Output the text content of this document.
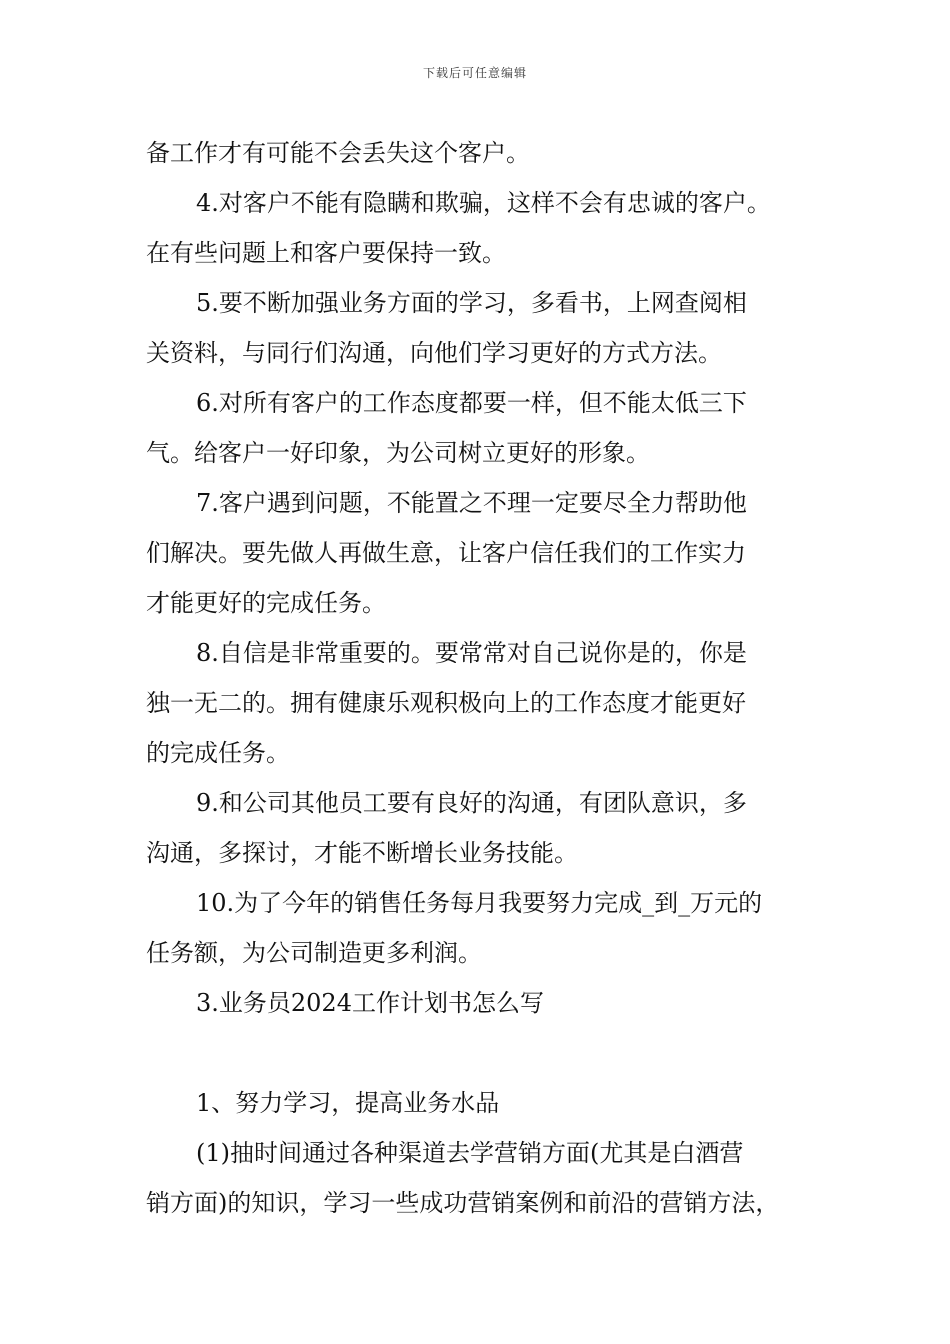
下载后可任意编辑

备工作才有可能不会丢失这个客户。

4.对客户不能有隐瞒和欺骗，这样不会有忠诚的客户。

在有些问题上和客户要保持一致。

5.要不断加强业务方面的学习，多看书，上网查阅相

关资料，与同行们沟通，向他们学习更好的方式方法。

6.对所有客户的工作态度都要一样，但不能太低三下

气。给客户一好印象，为公司树立更好的形象。

7.客户遇到问题，不能置之不理一定要尽全力帮助他

们解决。要先做人再做生意，让客户信任我们的工作实力

才能更好的完成任务。

8.自信是非常重要的。要常常对自己说你是的，你是

独一无二的。拥有健康乐观积极向上的工作态度才能更好

的完成任务。

9.和公司其他员工要有良好的沟通，有团队意识，多

沟通，多探讨，才能不断增长业务技能。

10.为了今年的销售任务每月我要努力完成_到_万元的

任务额，为公司制造更多利润。

3.业务员2024工作计划书怎么写

1、努力学习，提高业务水品

(1)抽时间通过各种渠道去学营销方面(尤其是白酒营

销方面)的知识，学习一些成功营销案例和前沿的营销方法，
